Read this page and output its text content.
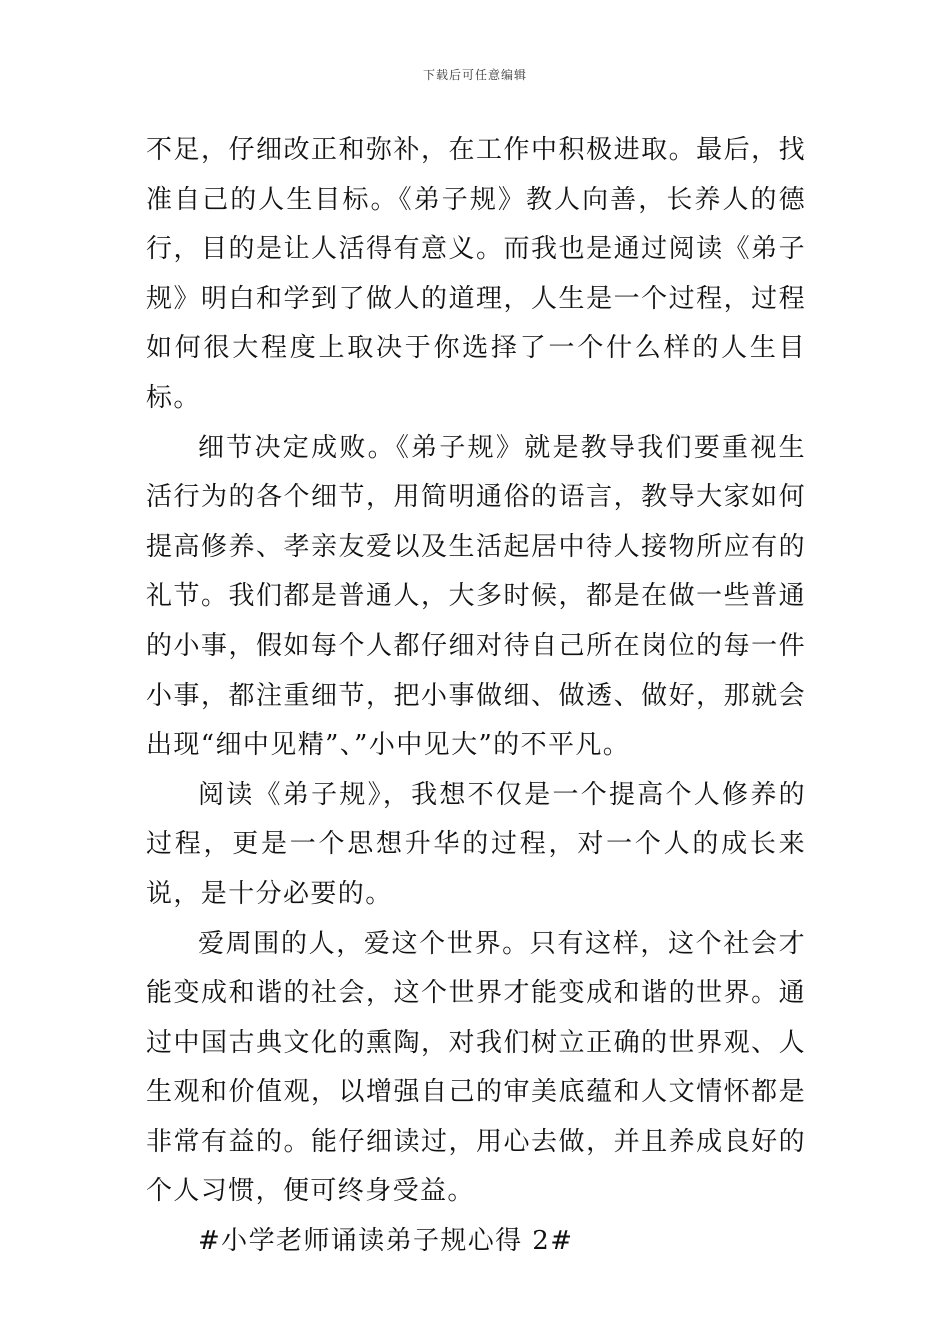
下载后可任意编辑

不足，仔细改正和弥补，在工作中积极进取。最后，找准自己的人生目标。《弟子规》教人向善，长养人的德行，目的是让人活得有意义。而我也是通过阅读《弟子规》明白和学到了做人的道理，人生是一个过程，过程如何很大程度上取决于你选择了一个什么样的人生目标。

细节决定成败。《弟子规》就是教导我们要重视生活行为的各个细节，用简明通俗的语言，教导大家如何提高修养、孝亲友爱以及生活起居中待人接物所应有的礼节。我们都是普通人，大多时候，都是在做一些普通的小事，假如每个人都仔细对待自己所在岗位的每一件小事，都注重细节，把小事做细、做透、做好，那就会出现“细中见精”、”小中见大”的不平凡。

阅读《弟子规》，我想不仅是一个提高个人修养的过程，更是一个思想升华的过程，对一个人的成长来说，是十分必要的。

爱周围的人，爱这个世界。只有这样，这个社会才能变成和谐的社会，这个世界才能变成和谐的世界。通过中国古典文化的熏陶，对我们树立正确的世界观、人生观和价值观，以增强自己的审美底蕴和人文情怀都是非常有益的。能仔细读过，用心去做，并且养成良好的个人习惯，便可终身受益。

#小学老师诵读弟子规心得 2#
